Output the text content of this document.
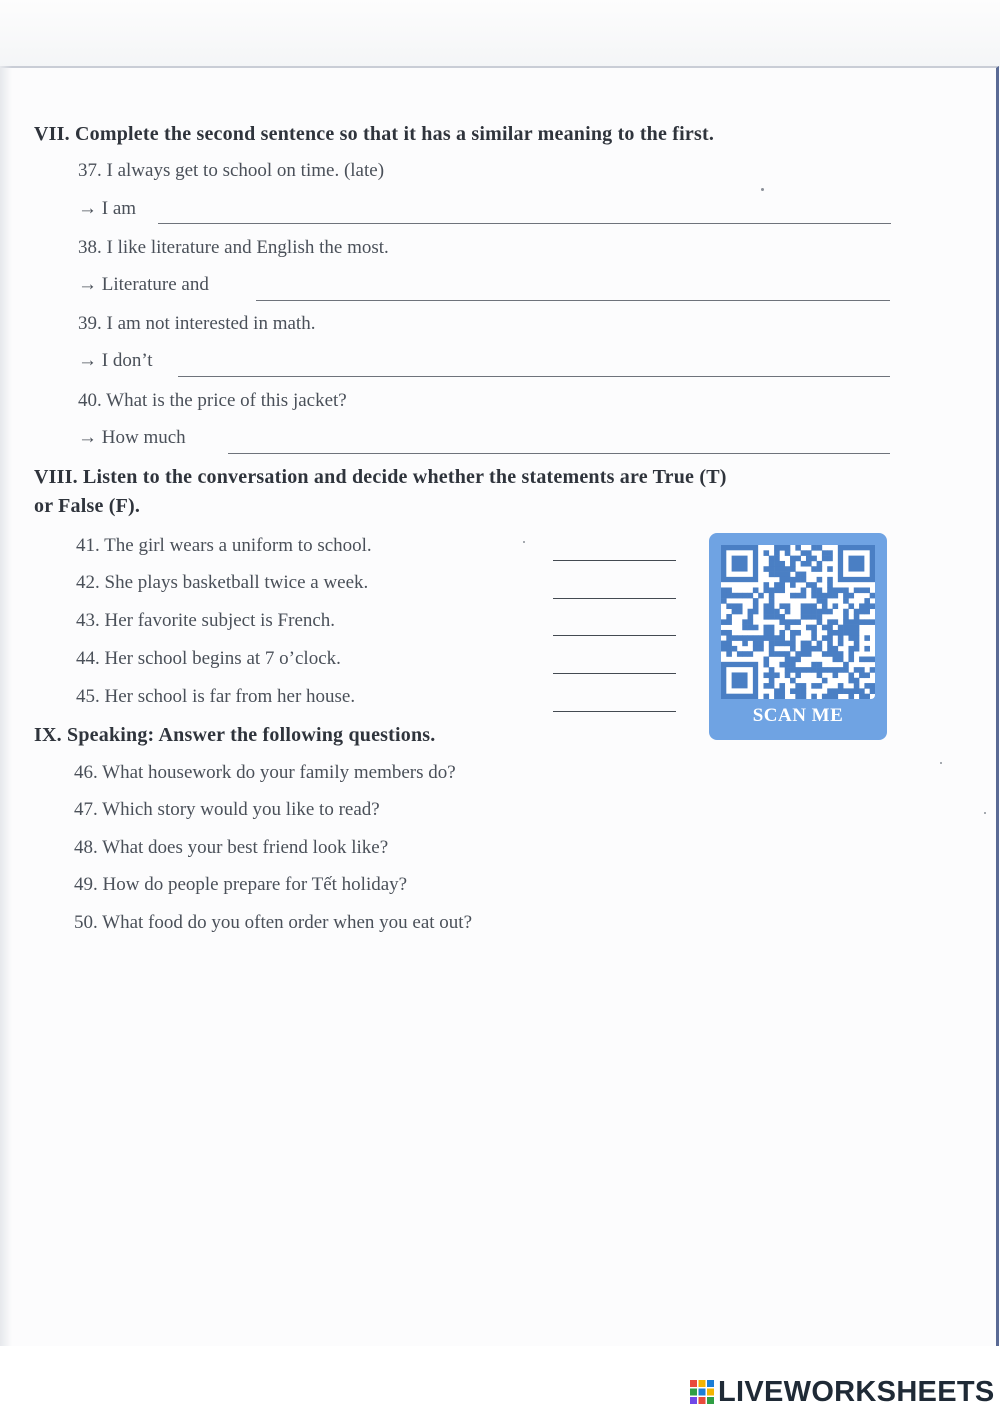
VII. Complete the second sentence so that it has a similar meaning to the first.
37. I always get to school on time. (late)
→ I am
38. I like literature and English the most.
→ Literature and
39. I am not interested in math.
→ I don’t
40. What is the price of this jacket?
→ How much
VIII. Listen to the conversation and decide whether the statements are True (T)
or False (F).
41. The girl wears a uniform to school.
42. She plays basketball twice a week.
43. Her favorite subject is French.
44. Her school begins at 7 o’clock.
45. Her school is far from her house.
SCAN ME
IX. Speaking: Answer the following questions.
46. What housework do your family members do?
47. Which story would you like to read?
48. What does your best friend look like?
49. How do people prepare for Tết holiday?
50. What food do you often order when you eat out?
LIVEWORKSHEETS
